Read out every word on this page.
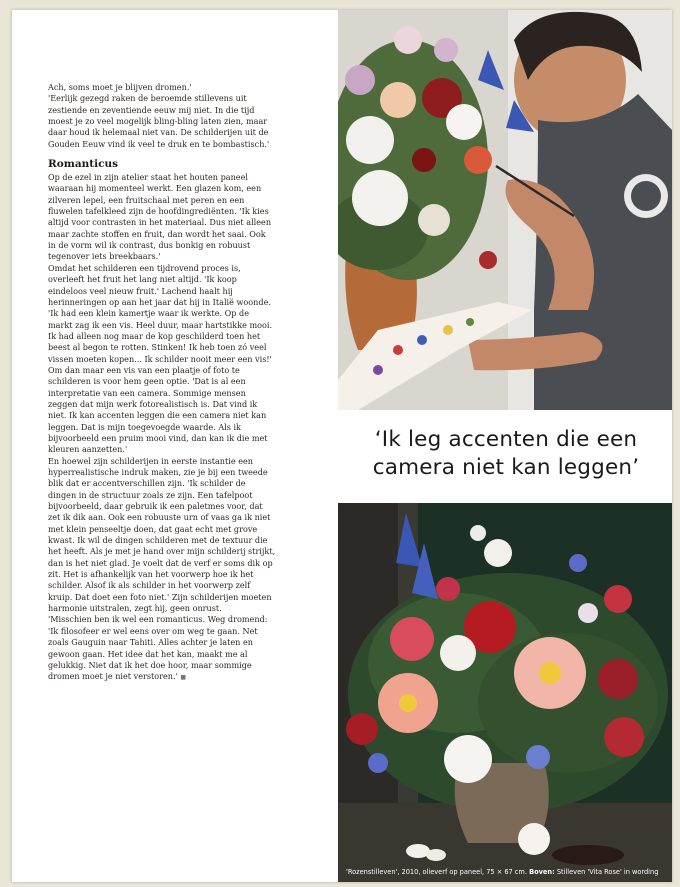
Ach, soms moet je blijven dromen.'

'Eerlijk gezegd raken de beroemde stillevens uit zestiende en zeventiende eeuw mij niet. In die tijd moest je zo veel mogelijk bling-bling laten zien, maar daar houd ik helemaal niet van. De schilderijen uit de Gouden Eeuw vind ik veel te druk en te bombastisch.'

Romanticus

Op de ezel in zijn atelier staat het houten paneel waaraan hij momenteel werkt. Een glazen kom, een zilveren lepel, een fruitschaal met peren en een fluwelen tafelkleed zijn de hoofdingrediënten. 'Ik kies altijd voor contrasten in het materiaal. Dus niet alleen maar zachte stoffen en fruit, dan wordt het saai. Ook in de vorm wil ik contrast, dus bonkig en robuust tegenover iets breekbaars.'

Omdat het schilderen een tijdrovend proces is, overleeft het fruit het lang niet altijd. 'Ik koop eindeloos veel nieuw fruit.' Lachend haalt hij herinneringen op aan het jaar dat hij in Italië woonde. 'Ik had een klein kamertje waar ik werkte. Op de markt zag ik een vis. Heel duur, maar hartstikke mooi. Ik had alleen nog maar de kop geschilderd toen het beest al begon te rotten. Stinken! Ik heb toen zó veel vissen moeten kopen... Ik schilder nooit meer een vis!'

Om dan maar een vis van een plaatje of foto te schilderen is voor hem geen optie. 'Dat is al een interpretatie van een camera. Sommige mensen zeggen dat mijn werk fotorealistisch is. Dat vind ik niet. Ik kan accenten leggen die een camera niet kan leggen. Dat is mijn toegevoegde waarde. Als ik bijvoorbeeld een pruim mooi vind, dan kan ik die met kleuren aanzetten.'

En hoewel zijn schilderijen in eerste instantie een hyperrealistische indruk maken, zie je bij een tweede blik dat er accentverschillen zijn. 'Ik schilder de dingen in de structuur zoals ze zijn. Een tafelpoot bijvoorbeeld, daar gebruik ik een paletmes voor, dat zet ik dik aan. Ook een robuuste urn of vaas ga ik niet met klein penseeltje doen, dat gaat echt met grove kwast. Ik wil de dingen schilderen met de textuur die het heeft. Als je met je hand over mijn schilderij strijkt, dan is het niet glad. Je voelt dat de verf er soms dik op zit. Het is afhankelijk van het voorwerp hoe ik het schilder. Alsof ik als schilder in het voorwerp zelf kruip. Dat doet een foto niet.' Zijn schilderijen moeten harmonie uitstralen, zegt hij, geen onrust.

'Misschien ben ik wel een romanticus. Weg dromend: 'Ik filosofeer er wel eens over om weg te gaan. Net zoals Gauguin naar Tahiti. Alles achter je laten en gewoon gaan. Het idee dat het kan, maakt me al gelukkig. Niet dat ik het doe hoor, maar sommige dromen moet je niet verstoren.' ■

‘Ik leg accenten die een
camera niet kan leggen’
'Rozenstilleven', 2010, olieverf op paneel, 75 × 67 cm. Boven: Stilleven 'Vita Rose' in wording
